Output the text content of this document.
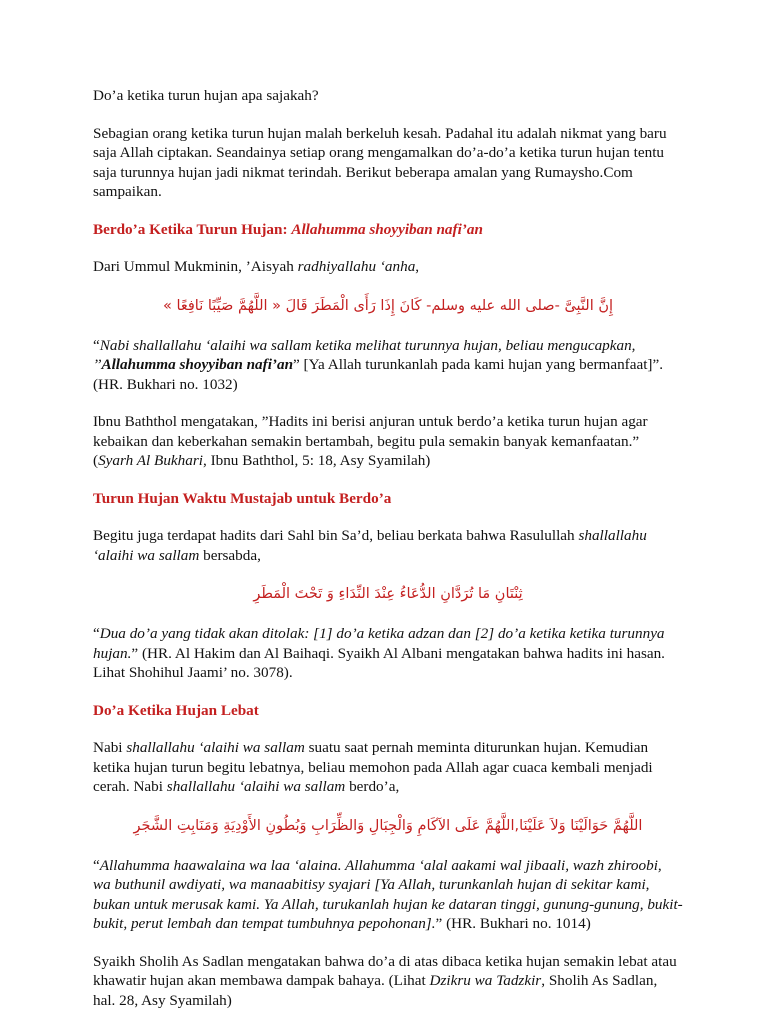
Do’a ketika turun hujan apa sajakah?

Sebagian orang ketika turun hujan malah berkeluh kesah. Padahal itu adalah nikmat yang baru saja Allah ciptakan. Seandainya setiap orang mengamalkan do’a-do’a ketika turun hujan tentu saja turunnya hujan jadi nikmat terindah. Berikut beberapa amalan yang Rumaysho.Com sampaikan.

Berdo’a Ketika Turun Hujan: Allahumma shoyyiban nafi’an

Dari Ummul Mukminin, ’Aisyah radhiyallahu ‘anha,

إِنَّ النَّبِىَّ -صلى الله عليه وسلم- كَانَ إِذَا رَأَى الْمَطَرَ قَالَ « اللَّهُمَّ صَيِّبًا نَافِعًا »

“Nabi shallallahu ‘alaihi wa sallam ketika melihat turunnya hujan, beliau mengucapkan, ’’Allahumma shoyyiban nafi’an” [Ya Allah turunkanlah pada kami hujan yang bermanfaat]”. (HR. Bukhari no. 1032)

Ibnu Baththol mengatakan, ”Hadits ini berisi anjuran untuk berdo’a ketika turun hujan agar kebaikan dan keberkahan semakin bertambah, begitu pula semakin banyak kemanfaatan.”
(Syarh Al Bukhari, Ibnu Baththol, 5: 18, Asy Syamilah)

Turun Hujan Waktu Mustajab untuk Berdo’a

Begitu juga terdapat hadits dari Sahl bin Sa’d, beliau berkata bahwa Rasulullah shallallahu ‘alaihi wa sallam bersabda,

ثِنْتَانِ مَا تُرَدَّانِ الدُّعَاءُ عِنْدَ النِّدَاءِ وَ تَحْتَ الْمَطَرِ

“Dua do’a yang tidak akan ditolak: [1] do’a ketika adzan dan [2] do’a ketika ketika turunnya hujan.” (HR. Al Hakim dan Al Baihaqi. Syaikh Al Albani mengatakan bahwa hadits ini hasan. Lihat Shohihul Jaami’ no. 3078).

Do’a Ketika Hujan Lebat

Nabi shallallahu ‘alaihi wa sallam suatu saat pernah meminta diturunkan hujan. Kemudian ketika hujan turun begitu lebatnya, beliau memohon pada Allah agar cuaca kembali menjadi cerah. Nabi shallallahu ‘alaihi wa sallam berdo’a,

اللَّهُمَّ حَوَالَيْنَا وَلاَ عَلَيْنَا,اللَّهُمَّ عَلَى الآكَامِ وَالْجِبَالِ وَالظِّرَابِ وَبُطُونِ الأَوْدِيَةِ وَمَنَابِتِ الشَّجَرِ

“Allahumma haawalaina wa laa ‘alaina. Allahumma ‘alal aakami wal jibaali, wazh zhiroobi, wa buthunil awdiyati, wa manaabitisy syajari [Ya Allah, turunkanlah hujan di sekitar kami, bukan untuk merusak kami. Ya Allah, turukanlah hujan ke dataran tinggi, gunung-gunung, bukit-bukit, perut lembah dan tempat tumbuhnya pepohonan].” (HR. Bukhari no. 1014)

Syaikh Sholih As Sadlan mengatakan bahwa do’a di atas dibaca ketika hujan semakin lebat atau khawatir hujan akan membawa dampak bahaya. (Lihat Dzikru wa Tadzkir, Sholih As Sadlan, hal. 28, Asy Syamilah)
